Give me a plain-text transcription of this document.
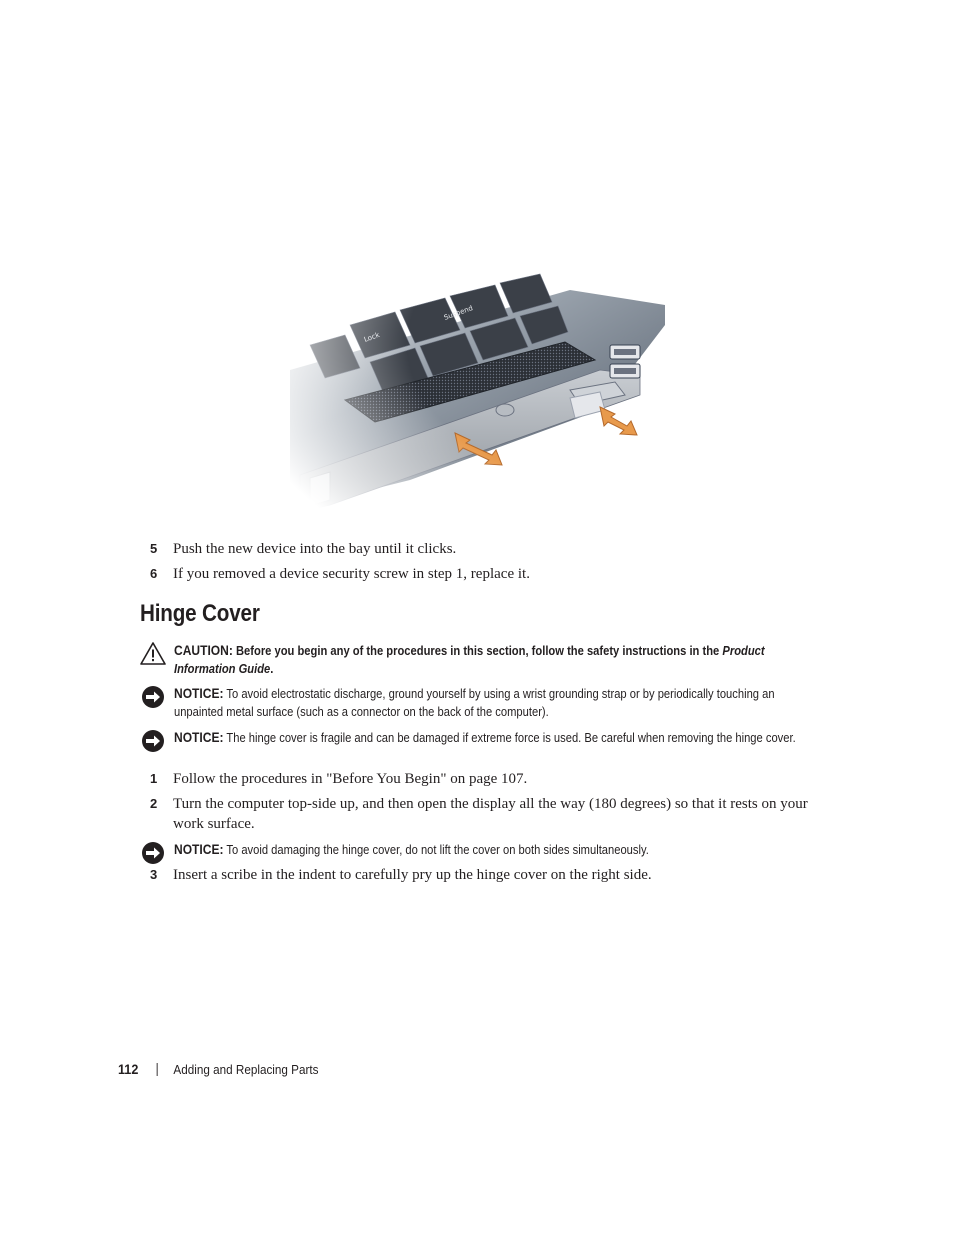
5	Push the new device into the bay until it clicks.
6	If you removed a device security screw in step 1, replace it.
Hinge Cover
CAUTION: Before you begin any of the procedures in this section, follow the safety instructions in the Product Information Guide.
NOTICE: To avoid electrostatic discharge, ground yourself by using a wrist grounding strap or by periodically touching an unpainted metal surface (such as a connector on the back of the computer).
NOTICE: The hinge cover is fragile and can be damaged if extreme force is used. Be careful when removing the hinge cover.
1	Follow the procedures in "Before You Begin" on page 107.
2	Turn the computer top-side up, and then open the display all the way (180 degrees) so that it rests on your work surface.
NOTICE: To avoid damaging the hinge cover, do not lift the cover on both sides simultaneously.
3	Insert a scribe in the indent to carefully pry up the hinge cover on the right side.
112	Adding and Replacing Parts
